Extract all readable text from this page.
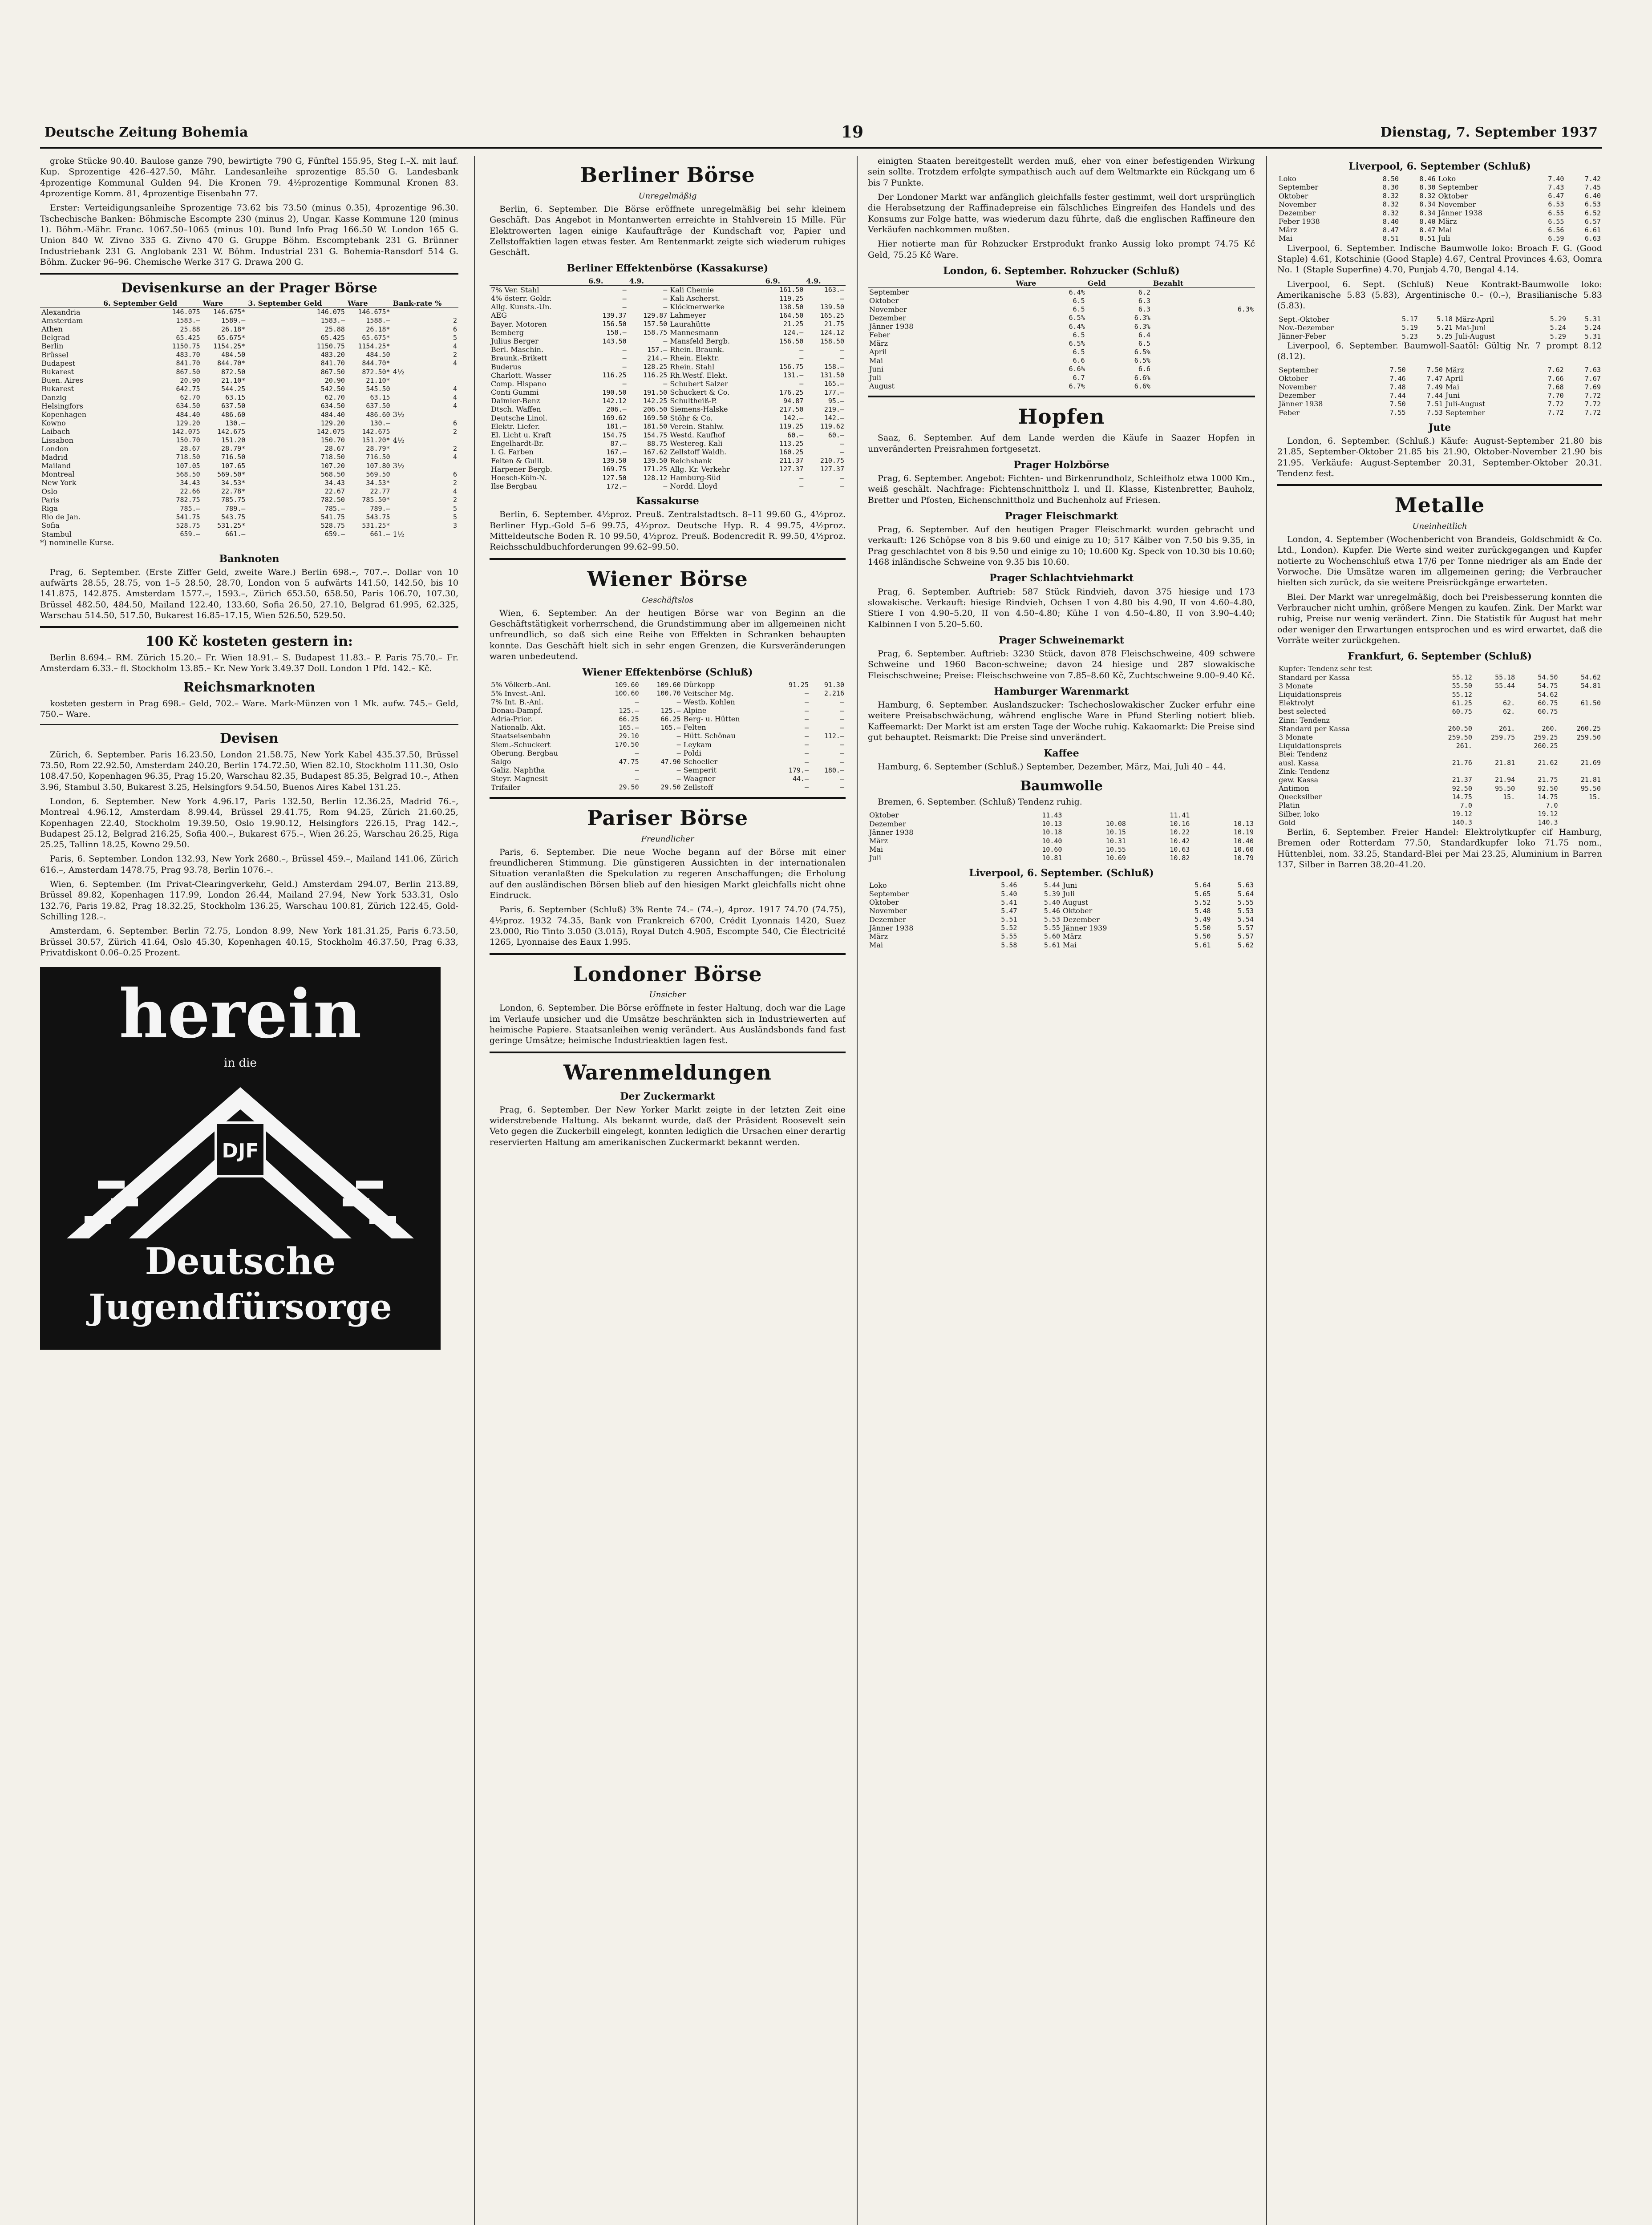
Deutsche Zeitung Bohemia	19	Dienstag, 7. September 1937

groke Stücke 90.40. Baulose ganze 790, bewirtigte 790 G, Fünftel 155.95, Steg I.–X. mit lauf. Kup. Sprozentige 426–427.50, Mähr. Landesanleihe sprozentige 85.50 G. Landesbank 4prozentige Kommunal Gulden 94. Die Kronen 79. 4½prozentige Kommunal Kronen 83. 4prozentige Komm. 81, 4prozentige Eisenbahn 77.

Erster: Verteidigungsanleihe Sprozentige 73.62 bis 73.50 (minus 0.35), 4prozentige 96.30. Tschechische Banken: Böhmische Escompte 230 (minus 2), Ungar. Kasse Kommune 120 (minus 1). Böhm.-Mähr. Franc. 1067.50–1065 (minus 10). Bund Info Prag 166.50 W. London 165 G. Union 840 W. Zivno 335 G. Zivno 470 G. Gruppe Böhm. Escomptebank 231 G. Brünner Industriebank 231 G. Anglobank 231 W. Böhm. Industrial 231 G. Bohemia-Ransdorf 514 G. Böhm. Zucker 96–96. Chemische Werke 317 G. Drawa 200 G.

Devisenkurse an der Prager Börse
	6. September Geld	Ware	3. September Geld	Ware	Bank-rate %
Alexandria	146.075	146.675*	146.075	146.675*	
Amsterdam	1583.–	1589.–	1583.–	1588.–	2
Athen	25.88	26.18*	25.88	26.18*	6
Belgrad	65.425	65.675*	65.425	65.675*	5
Berlin	1150.75	1154.25*	1150.75	1154.25*	4
Brüssel	483.70	484.50	483.20	484.50	2
Budapest	841.70	844.70*	841.70	844.70*	4
Bukarest	867.50	872.50	867.50	872.50*	4½
Buen. Aires	20.90	21.10*	20.90	21.10*	
Bukarest	642.75	544.25	542.50	545.50	4
Danzig	62.70	63.15	62.70	63.15	4
Helsingfors	634.50	637.50	634.50	637.50	4
Kopenhagen	484.40	486.60	484.40	486.60	3½
Kowno	129.20	130.–	129.20	130.–	6
Laibach	142.075	142.675	142.075	142.675	2
Lissabon	150.70	151.20	150.70	151.20*	4½
London	28.67	28.79*	28.67	28.79*	2
Madrid	718.50	716.50	718.50	716.50	4
Mailand	107.05	107.65	107.20	107.80	3½
Montreal	568.50	569.50*	568.50	569.50	6
New York	34.43	34.53*	34.43	34.53*	2
Oslo	22.66	22.78*	22.67	22.77	4
Paris	782.75	785.75	782.50	785.50*	2
Riga	785.–	789.–	785.–	789.–	5
Rio de Jan.	541.75	543.75	541.75	543.75	5
Sofia	528.75	531.25*	528.75	531.25*	3
Stambul	659.–	661.–	659.–	661.–	1½
*) nominelle Kurse.
Banknoten

Prag, 6. September. (Erste Ziffer Geld, zweite Ware.) Berlin 698.–, 707.–. Dollar von 10 aufwärts 28.55, 28.75, von 1–5 28.50, 28.70, London von 5 aufwärts 141.50, 142.50, bis 10 141.875, 142.875. Amsterdam 1577.–, 1593.–, Zürich 653.50, 658.50, Paris 106.70, 107.30, Brüssel 482.50, 484.50, Mailand 122.40, 133.60, Sofia 26.50, 27.10, Belgrad 61.995, 62.325, Warschau 514.50, 517.50, Bukarest 16.85–17.15, Wien 526.50, 529.50.

100 Kč kosteten gestern in:

Berlin 8.694.– RM. Zürich 15.20.– Fr. Wien 18.91.– S. Budapest 11.83.– P. Paris 75.70.– Fr. Amsterdam 6.33.– fl. Stockholm 13.85.– Kr. New York 3.49.37 Doll. London 1 Pfd. 142.– Kč.

Reichsmarknoten

kosteten gestern in Prag 698.– Geld, 702.– Ware. Mark-Münzen von 1 Mk. aufw. 745.– Geld, 750.– Ware.

Devisen

Zürich, 6. September. Paris 16.23.50, London 21.58.75, New York Kabel 435.37.50, Brüssel 73.50, Rom 22.92.50, Amsterdam 240.20, Berlin 174.72.50, Wien 82.10, Stockholm 111.30, Oslo 108.47.50, Kopenhagen 96.35, Prag 15.20, Warschau 82.35, Budapest 85.35, Belgrad 10.–, Athen 3.96, Stambul 3.50, Bukarest 3.25, Helsingfors 9.54.50, Buenos Aires Kabel 131.25.

London, 6. September. New York 4.96.17, Paris 132.50, Berlin 12.36.25, Madrid 76.–, Montreal 4.96.12, Amsterdam 8.99.44, Brüssel 29.41.75, Rom 94.25, Zürich 21.60.25, Kopenhagen 22.40, Stockholm 19.39.50, Oslo 19.90.12, Helsingfors 226.15, Prag 142.–, Budapest 25.12, Belgrad 216.25, Sofia 400.–, Bukarest 675.–, Wien 26.25, Warschau 26.25, Riga 25.25, Tallinn 18.25, Kowno 29.50.

Paris, 6. September. London 132.93, New York 2680.–, Brüssel 459.–, Mailand 141.06, Zürich 616.–, Amsterdam 1478.75, Prag 93.78, Berlin 1076.–.

Wien, 6. September. (Im Privat-Clearingverkehr, Geld.) Amsterdam 294.07, Berlin 213.89, Brüssel 89.82, Kopenhagen 117.99, London 26.44, Mailand 27.94, New York 533.31, Oslo 132.76, Paris 19.82, Prag 18.32.25, Stockholm 136.25, Warschau 100.81, Zürich 122.45, Gold-Schilling 128.–.

Amsterdam, 6. September. Berlin 72.75, London 8.99, New York 181.31.25, Paris 6.73.50, Brüssel 30.57, Zürich 41.64, Oslo 45.30, Kopenhagen 40.15, Stockholm 46.37.50, Prag 6.33, Privatdiskont 0.06–0.25 Prozent.

herein
in die
DJF
Deutsche
Jugendfürsorge
Berliner Börse
Unregelmäßig

Berlin, 6. September. Die Börse eröffnete unregelmäßig bei sehr kleinem Geschäft. Das Angebot in Montanwerten erreichte in Stahlverein 15 Mille. Für Elektrowerten lagen einige Kaufaufträge der Kundschaft vor, Papier und Zellstoffaktien lagen etwas fester. Am Rentenmarkt zeigte sich wiederum ruhiges Geschäft.

Berliner Effektenbörse (Kassakurse)
	6.9.	4.9.		6.9.	4.9.
7% Ver. Stahl	–	–	Kali Chemie	161.50	163.–
4% österr. Goldr.	–	–	Kali Ascherst.	119.25	–
Allg. Kunsts.-Un.	–	–	Klöcknerwerke	138.50	139.50
AEG	139.37	129.87	Lahmeyer	164.50	165.25
Bayer. Motoren	156.50	157.50	Laurahütte	21.25	21.75
Bemberg	158.–	158.75	Mannesmann	124.–	124.12
Julius Berger	143.50	–	Mansfeld Bergb.	156.50	158.50
Berl. Maschin.	–	157.–	Rhein. Braunk.	–	–
Braunk.-Brikett	–	214.–	Rhein. Elektr.	–	–
Buderus	–	128.25	Rhein. Stahl	156.75	158.–
Charlott. Wasser	116.25	116.25	Rh.Westf. Elekt.	131.–	131.50
Comp. Hispano	–	–	Schubert Salzer	–	165.–
Conti Gummi	190.50	191.50	Schuckert & Co.	176.25	177.–
Daimler-Benz	142.12	142.25	Schultheiß-P.	94.87	95.–
Dtsch. Waffen	206.–	206.50	Siemens-Halske	217.50	219.–
Deutsche Linol.	169.62	169.50	Stöhr & Co.	142.–	142.–
Elektr. Liefer.	181.–	181.50	Verein. Stahlw.	119.25	119.62
El. Licht u. Kraft	154.75	154.75	Westd. Kaufhof	60.–	60.–
Engelhardt-Br.	87.–	88.75	Westereg. Kali	113.25	–
I. G. Farben	167.–	167.62	Zellstoff Waldh.	160.25	–
Felten & Guill.	139.50	139.50	Reichsbank	211.37	210.75
Harpener Bergb.	169.75	171.25	Allg. Kr. Verkehr	127.37	127.37
Hoesch-Köln-N.	127.50	128.12	Hamburg-Süd	–	–
Ilse Bergbau	172.–	–	Nordd. Lloyd	–	–
Kassakurse

Berlin, 6. September. 4½proz. Preuß. Zentralstadtsch. 8–11 99.60 G., 4½proz. Berliner Hyp.-Gold 5–6 99.75, 4½proz. Deutsche Hyp. R. 4 99.75, 4½proz. Mitteldeutsche Boden R. 10 99.50, 4½proz. Preuß. Bodencredit R. 99.50, 4½proz. Reichsschuldbuchforderungen 99.62–99.50.

Wiener Börse
Geschäftslos

Wien, 6. September. An der heutigen Börse war von Beginn an die Geschäftstätigkeit vorherrschend, die Grundstimmung aber im allgemeinen nicht unfreundlich, so daß sich eine Reihe von Effekten in Schranken behaupten konnte. Das Geschäft hielt sich in sehr engen Grenzen, die Kursveränderungen waren unbedeutend.

Wiener Effektenbörse (Schluß)
5% Völkerb.-Anl.	109.60	109.60	Dürkopp	91.25	91.30
5% Invest.-Anl.	100.60	100.70	Veitscher Mg.	–	2.216
7% Int. B.-Anl.	–	–	Westb. Kohlen	–	–
Donau-Dampf.	125.–	125.–	Alpine	–	–
Adria-Prior.	66.25	66.25	Berg- u. Hütten	–	–
Nationalb. Akt.	165.–	165.–	Felten	–	–
Staatseisenbahn	29.10	–	Hütt. Schönau	–	112.–
Siem.-Schuckert	170.50	–	Leykam	–	–
Oberung. Bergbau	–	–	Poldi	–	–
Salgo	47.75	47.90	Schoeller	–	–
Galiz. Naphtha	–	–	Semperit	179.–	180.–
Steyr. Magnesit	–	–	Waagner	44.–	–
Trifailer	29.50	29.50	Zellstoff	–	–
Pariser Börse
Freundlicher

Paris, 6. September. Die neue Woche begann auf der Börse mit einer freundlicheren Stimmung. Die günstigeren Aussichten in der internationalen Situation veranlaßten die Spekulation zu regeren Anschaffungen; die Erholung auf den ausländischen Börsen blieb auf den hiesigen Markt gleichfalls nicht ohne Eindruck.

Paris, 6. September (Schluß) 3% Rente 74.– (74.–), 4proz. 1917 74.70 (74.75), 4½proz. 1932 74.35, Bank von Frankreich 6700, Crédit Lyonnais 1420, Suez 23.000, Rio Tinto 3.050 (3.015), Royal Dutch 4.905, Escompte 540, Cie Électricité 1265, Lyonnaise des Eaux 1.995.

Londoner Börse
Unsicher

London, 6. September. Die Börse eröffnete in fester Haltung, doch war die Lage im Verlaufe unsicher und die Umsätze beschränkten sich in Industriewerten auf heimische Papiere. Staatsanleihen wenig verändert. Aus Ausländsbonds fand fast geringe Umsätze; heimische Industrieaktien lagen fest.

Warenmeldungen
Der Zuckermarkt

Prag, 6. September. Der New Yorker Markt zeigte in der letzten Zeit eine widerstrebende Haltung. Als bekannt wurde, daß der Präsident Roosevelt sein Veto gegen die Zuckerbill eingelegt, konnten lediglich die Ursachen einer derartig reservierten Haltung am amerikanischen Zuckermarkt bekannt werden.

einigten Staaten bereitgestellt werden muß, eher von einer befestigenden Wirkung sein sollte. Trotzdem erfolgte sympathisch auch auf dem Weltmarkte ein Rückgang um 6 bis 7 Punkte.

Der Londoner Markt war anfänglich gleichfalls fester gestimmt, weil dort ursprünglich die Herabsetzung der Raffinadepreise ein fälschliches Eingreifen des Handels und des Konsums zur Folge hatte, was wiederum dazu führte, daß die englischen Raffineure den Verkäufen nachkommen mußten.

Hier notierte man für Rohzucker Erstprodukt franko Aussig loko prompt 74.75 Kč Geld, 75.25 Kč Ware.

London, 6. September. Rohzucker (Schluß)
	Ware	Geld	Bezahlt
September	6.4%	6.2	
Oktober	6.5	6.3	
November	6.5	6.3	6.3%
Dezember	6.5%	6.3%	
Jänner 1938	6.4%	6.3%	
Feber	6.5	6.4	
März	6.5%	6.5	
April	6.5	6.5%	
Mai	6.6	6.5%	
Juni	6.6%	6.6	
Juli	6.7	6.6%	
August	6.7%	6.6%	
Hopfen

Saaz, 6. September. Auf dem Lande werden die Käufe in Saazer Hopfen in unveränderten Preisrahmen fortgesetzt.

Prager Holzbörse

Prag, 6. September. Angebot: Fichten- und Birkenrundholz, Schleifholz etwa 1000 Km., weiß geschält. Nachfrage: Fichtenschnittholz I. und II. Klasse, Kistenbretter, Bauholz, Bretter und Pfosten, Eichenschnittholz und Buchenholz auf Friesen.

Prager Fleischmarkt

Prag, 6. September. Auf den heutigen Prager Fleischmarkt wurden gebracht und verkauft: 126 Schöpse von 8 bis 9.60 und einige zu 10; 517 Kälber von 7.50 bis 9.35, in Prag geschlachtet von 8 bis 9.50 und einige zu 10; 10.600 Kg. Speck von 10.30 bis 10.60; 1468 inländische Schweine von 9.35 bis 10.60.

Prager Schlachtviehmarkt

Prag, 6. September. Auftrieb: 587 Stück Rindvieh, davon 375 hiesige und 173 slowakische. Verkauft: hiesige Rindvieh, Ochsen I von 4.80 bis 4.90, II von 4.60–4.80, Stiere I von 4.90–5.20, II von 4.50–4.80; Kühe I von 4.50–4.80, II von 3.90–4.40; Kalbinnen I von 5.20–5.60.

Prager Schweinemarkt

Prag, 6. September. Auftrieb: 3230 Stück, davon 878 Fleischschweine, 409 schwere Schweine und 1960 Bacon-schweine; davon 24 hiesige und 287 slowakische Fleischschweine; Preise: Fleischschweine von 7.85–8.60 Kč, Zuchtschweine 9.00–9.40 Kč.

Hamburger Warenmarkt

Hamburg, 6. September. Auslandszucker: Tschechoslowakischer Zucker erfuhr eine weitere Preisabschwächung, während englische Ware in Pfund Sterling notiert blieb. Kaffeemarkt: Der Markt ist am ersten Tage der Woche ruhig. Kakaomarkt: Die Preise sind gut behauptet. Reismarkt: Die Preise sind unverändert.

Kaffee

Hamburg, 6. September (Schluß.) September, Dezember, März, Mai, Juli 40 – 44.

Baumwolle

Bremen, 6. September. (Schluß) Tendenz ruhig.

Oktober	11.43		11.41	
Dezember	10.13	10.08	10.16	10.13
Jänner 1938	10.18	10.15	10.22	10.19
März	10.40	10.31	10.42	10.40
Mai	10.60	10.55	10.63	10.60
Juli	10.81	10.69	10.82	10.79
Liverpool, 6. September. (Schluß)
Loko	5.46	5.44	Juni	5.64	5.63
September	5.40	5.39	Juli	5.65	5.64
Oktober	5.41	5.40	August	5.52	5.55
November	5.47	5.46	Oktober	5.48	5.53
Dezember	5.51	5.53	Dezember	5.49	5.54
Jänner 1938	5.52	5.55	Jänner 1939	5.50	5.57
März	5.55	5.60	März	5.50	5.57
Mai	5.58	5.61	Mai	5.61	5.62
Liverpool, 6. September (Schluß)
Loko	8.50	8.46	Loko	7.40	7.42
September	8.30	8.30	September	7.43	7.45
Oktober	8.32	8.32	Oktober	6.47	6.40
November	8.32	8.34	November	6.53	6.53
Dezember	8.32	8.34	Jänner 1938	6.55	6.52
Feber 1938	8.40	8.40	März	6.55	6.57
März	8.47	8.47	Mai	6.56	6.61
Mai	8.51	8.51	Juli	6.59	6.63

Liverpool, 6. September. Indische Baumwolle loko: Broach F. G. (Good Staple) 4.61, Kotschinie (Good Staple) 4.67, Central Provinces 4.63, Oomra No. 1 (Staple Superfine) 4.70, Punjab 4.70, Bengal 4.14.

Liverpool, 6. Sept. (Schluß) Neue Kontrakt-Baumwolle loko: Amerikanische 5.83 (5.83), Argentinische 0.– (0.–), Brasilianische 5.83 (5.83).

Sept.-Oktober	5.17	5.18	März-April	5.29	5.31
Nov.-Dezember	5.19	5.21	Mai-Juni	5.24	5.24
Jänner-Feber	5.23	5.25	Juli-August	5.29	5.31

Liverpool, 6. September. Baumwoll-Saatöl: Gültig Nr. 7 prompt 8.12 (8.12).

September	7.50	7.50	März	7.62	7.63
Oktober	7.46	7.47	April	7.66	7.67
November	7.48	7.49	Mai	7.68	7.69
Dezember	7.44	7.44	Juni	7.70	7.72
Jänner 1938	7.50	7.51	Juli-August	7.72	7.72
Feber	7.55	7.53	September	7.72	7.72
Jute

London, 6. September. (Schluß.) Käufe: August-September 21.80 bis 21.85, September-Oktober 21.85 bis 21.90, Oktober-November 21.90 bis 21.95. Verkäufe: August-September 20.31, September-Oktober 20.31. Tendenz fest.

Metalle
Uneinheitlich

London, 4. September (Wochenbericht von Brandeis, Goldschmidt & Co. Ltd., London). Kupfer. Die Werte sind weiter zurückgegangen und Kupfer notierte zu Wochenschluß etwa 17/6 per Tonne niedriger als am Ende der Vorwoche. Die Umsätze waren im allgemeinen gering; die Verbraucher hielten sich zurück, da sie weitere Preisrückgänge erwarteten.

Blei. Der Markt war unregelmäßig, doch bei Preisbesserung konnten die Verbraucher nicht umhin, größere Mengen zu kaufen. Zink. Der Markt war ruhig, Preise nur wenig verändert. Zinn. Die Statistik für August hat mehr oder weniger den Erwartungen entsprochen und es wird erwartet, daß die Vorräte weiter zurückgehen.

Frankfurt, 6. September (Schluß)
Kupfer: Tendenz sehr fest				
Standard per Kassa	55.12	55.18	54.50	54.62
3 Monate	55.50	55.44	54.75	54.81
Liquidationspreis	55.12		54.62	
Elektrolyt	61.25	62.	60.75	61.50
best selected	60.75	62.	60.75	
Zinn: Tendenz				
Standard per Kassa	260.50	261.	260.	260.25
3 Monate	259.50	259.75	259.25	259.50
Liquidationspreis	261.		260.25	
Blei: Tendenz				
ausl. Kassa	21.76	21.81	21.62	21.69
Zink: Tendenz				
gew. Kassa	21.37	21.94	21.75	21.81
Antimon	92.50	95.50	92.50	95.50
Quecksilber	14.75	15.	14.75	15.
Platin	7.0		7.0	
Silber, loko	19.12		19.12	
Gold	140.3		140.3	

Berlin, 6. September. Freier Handel: Elektrolytkupfer cif Hamburg, Bremen oder Rotterdam 77.50, Standardkupfer loko 71.75 nom., Hüttenblei, nom. 33.25, Standard-Blei per Mai 23.25, Aluminium in Barren 137, Silber in Barren 38.20–41.20.
